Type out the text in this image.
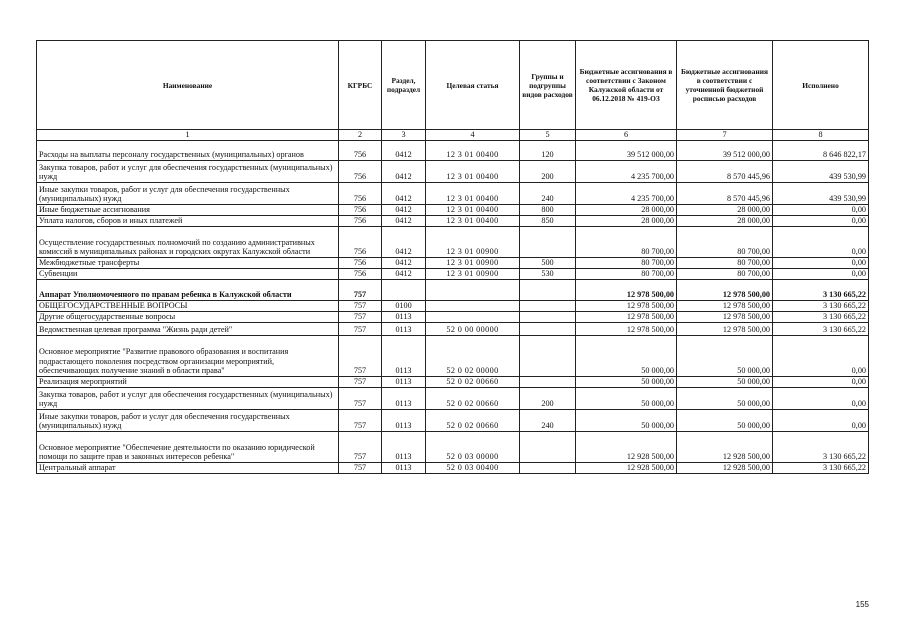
Наименование	КГРБС	Раздел, подраздел	Целевая статья	Группы и подгруппы видов расходов	Бюджетные ассигнования в соответствии с Законом Калужской области от 06.12.2018 № 419-ОЗ	Бюджетные ассигнования в соответствии с уточненной бюджетной росписью расходов	Исполнено
1	2	3	4	5	6	7	8
Расходы на выплаты персоналу государственных (муниципальных) органов	756	0412	12 3 01 00400	120	39 512 000,00	39 512 000,00	8 646 822,17
Закупка товаров, работ и услуг для обеспечения государственных (муниципальных) нужд	756	0412	12 3 01 00400	200	4 235 700,00	8 570 445,96	439 530,99
Иные закупки товаров, работ и услуг для обеспечения государственных (муниципальных) нужд	756	0412	12 3 01 00400	240	4 235 700,00	8 570 445,96	439 530,99
Иные бюджетные ассигнования	756	0412	12 3 01 00400	800	28 000,00	28 000,00	0,00
Уплата налогов, сборов и иных платежей	756	0412	12 3 01 00400	850	28 000,00	28 000,00	0,00
Осуществление государственных полномочий по созданию административных комиссий в муниципальных районах и городских округах Калужской области	756	0412	12 3 01 00900		80 700,00	80 700,00	0,00
Межбюджетные трансферты	756	0412	12 3 01 00900	500	80 700,00	80 700,00	0,00
Субвенции	756	0412	12 3 01 00900	530	80 700,00	80 700,00	0,00
Аппарат Уполномоченного по правам ребенка в Калужской области	757				12 978 500,00	12 978 500,00	3 130 665,22
ОБЩЕГОСУДАРСТВЕННЫЕ ВОПРОСЫ	757	0100			12 978 500,00	12 978 500,00	3 130 665,22
Другие общегосударственные вопросы	757	0113			12 978 500,00	12 978 500,00	3 130 665,22
Ведомственная целевая программа "Жизнь ради детей"	757	0113	52 0 00 00000		12 978 500,00	12 978 500,00	3 130 665,22
Основное мероприятие "Развитие правового образования и воспитания подрастающего поколения посредством организации мероприятий, обеспечивающих получение знаний в области права"	757	0113	52 0 02 00000		50 000,00	50 000,00	0,00
Реализация мероприятий	757	0113	52 0 02 00660		50 000,00	50 000,00	0,00
Закупка товаров, работ и услуг для обеспечения государственных (муниципальных) нужд	757	0113	52 0 02 00660	200	50 000,00	50 000,00	0,00
Иные закупки товаров, работ и услуг для обеспечения государственных (муниципальных) нужд	757	0113	52 0 02 00660	240	50 000,00	50 000,00	0,00
Основное мероприятие "Обеспечение деятельности по оказанию юридической помощи по защите прав и законных интересов ребенка"	757	0113	52 0 03 00000		12 928 500,00	12 928 500,00	3 130 665,22
Центральный аппарат	757	0113	52 0 03 00400		12 928 500,00	12 928 500,00	3 130 665,22
155
